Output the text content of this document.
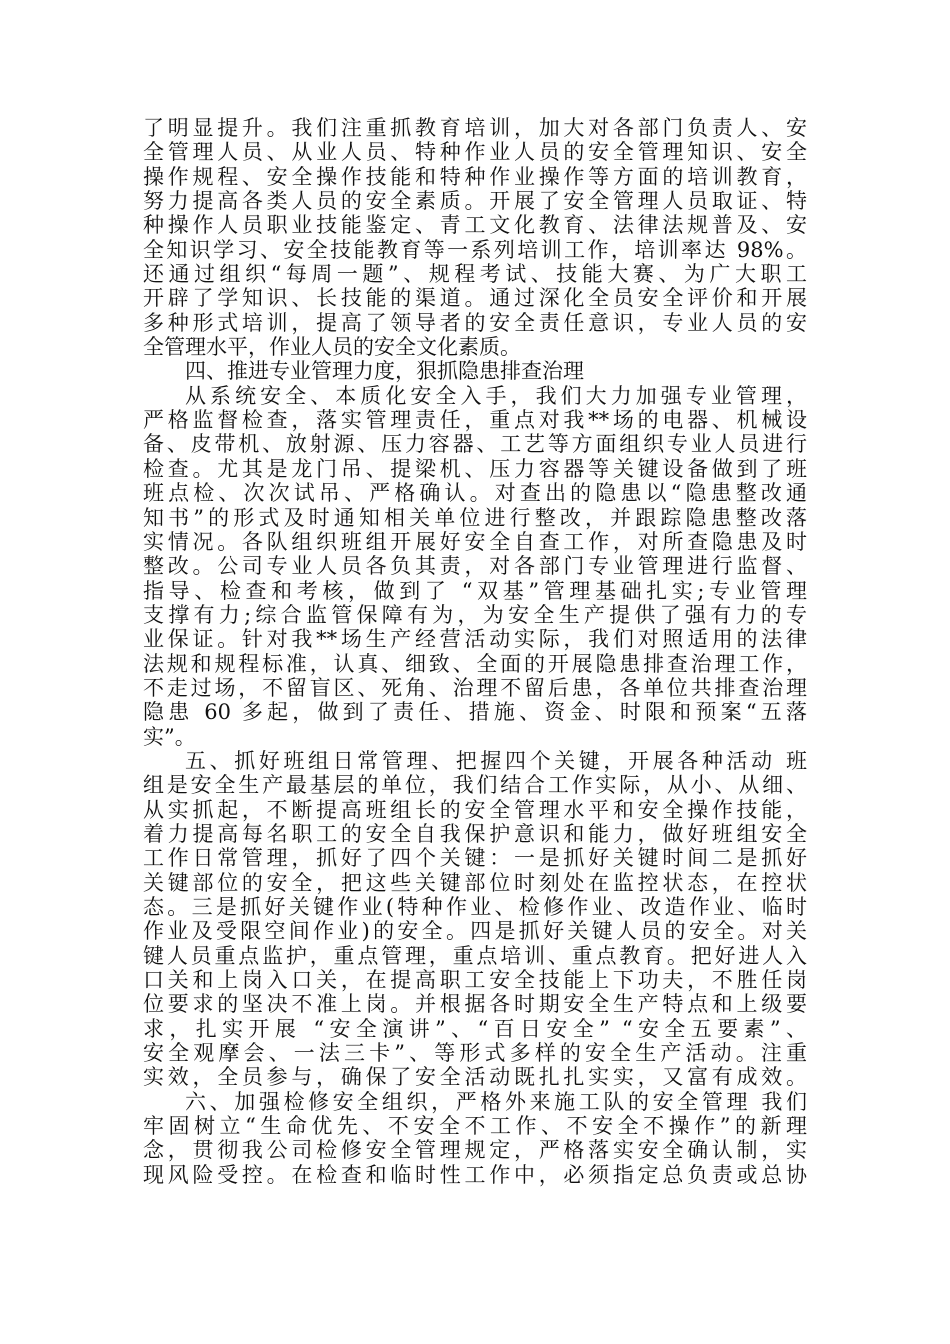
了明显提升。我们注重抓教育培训，加大对各部门负责人、安
全管理人员、从业人员、特种作业人员的安全管理知识、安全
操作规程、安全操作技能和特种作业操作等方面的培训教育，
努力提高各类人员的安全素质。开展了安全管理人员取证、特
种操作人员职业技能鉴定、青工文化教育、法律法规普及、安
全知识学习、安全技能教育等一系列培训工作，培训率达 98%。
还通过组织“每周一题”、规程考试、技能大赛、为广大职工
开辟了学知识、长技能的渠道。通过深化全员安全评价和开展
多种形式培训，提高了领导者的安全责任意识，专业人员的安
全管理水平，作业人员的安全文化素质。
四、推进专业管理力度，狠抓隐患排查治理
从系统安全、本质化安全入手，我们大力加强专业管理，
严格监督检查，落实管理责任，重点对我**场的电器、机械设
备、皮带机、放射源、压力容器、工艺等方面组织专业人员进行
检查。尤其是龙门吊、提梁机、压力容器等关键设备做到了班
班点检、次次试吊、严格确认。对查出的隐患以“隐患整改通
知书”的形式及时通知相关单位进行整改，并跟踪隐患整改落
实情况。各队组织班组开展好安全自查工作，对所查隐患及时
整改。公司专业人员各负其责，对各部门专业管理进行监督、
指导、检查和考核，做到了 “双基”管理基础扎实;专业管理
支撑有力;综合监管保障有为，为安全生产提供了强有力的专
业保证。针对我**场生产经营活动实际，我们对照适用的法律
法规和规程标准，认真、细致、全面的开展隐患排查治理工作，
不走过场，不留盲区、死角、治理不留后患，各单位共排查治理
隐患 60 多起，做到了责任、措施、资金、时限和预案“五落
实”。
五、抓好班组日常管理、把握四个关键，开展各种活动 班
组是安全生产最基层的单位，我们结合工作实际，从小、从细、
从实抓起，不断提高班组长的安全管理水平和安全操作技能，
着力提高每名职工的安全自我保护意识和能力，做好班组安全
工作日常管理，抓好了四个关键：一是抓好关键时间二是抓好
关键部位的安全，把这些关键部位时刻处在监控状态，在控状
态。三是抓好关键作业(特种作业、检修作业、改造作业、临时
作业及受限空间作业)的安全。四是抓好关键人员的安全。对关
键人员重点监护，重点管理，重点培训、重点教育。把好进人入
口关和上岗入口关，在提高职工安全技能上下功夫，不胜任岗
位要求的坚决不准上岗。并根据各时期安全生产特点和上级要
求，扎实开展 “安全演讲”、“百日安全” “安全五要素”、
安全观摩会、一法三卡”、等形式多样的安全生产活动。注重
实效，全员参与，确保了安全活动既扎扎实实，又富有成效。
六、加强检修安全组织，严格外来施工队的安全管理 我们
牢固树立“生命优先、不安全不工作、不安全不操作”的新理
念，贯彻我公司检修安全管理规定，严格落实安全确认制，实
现风险受控。在检查和临时性工作中，必须指定总负责或总协
